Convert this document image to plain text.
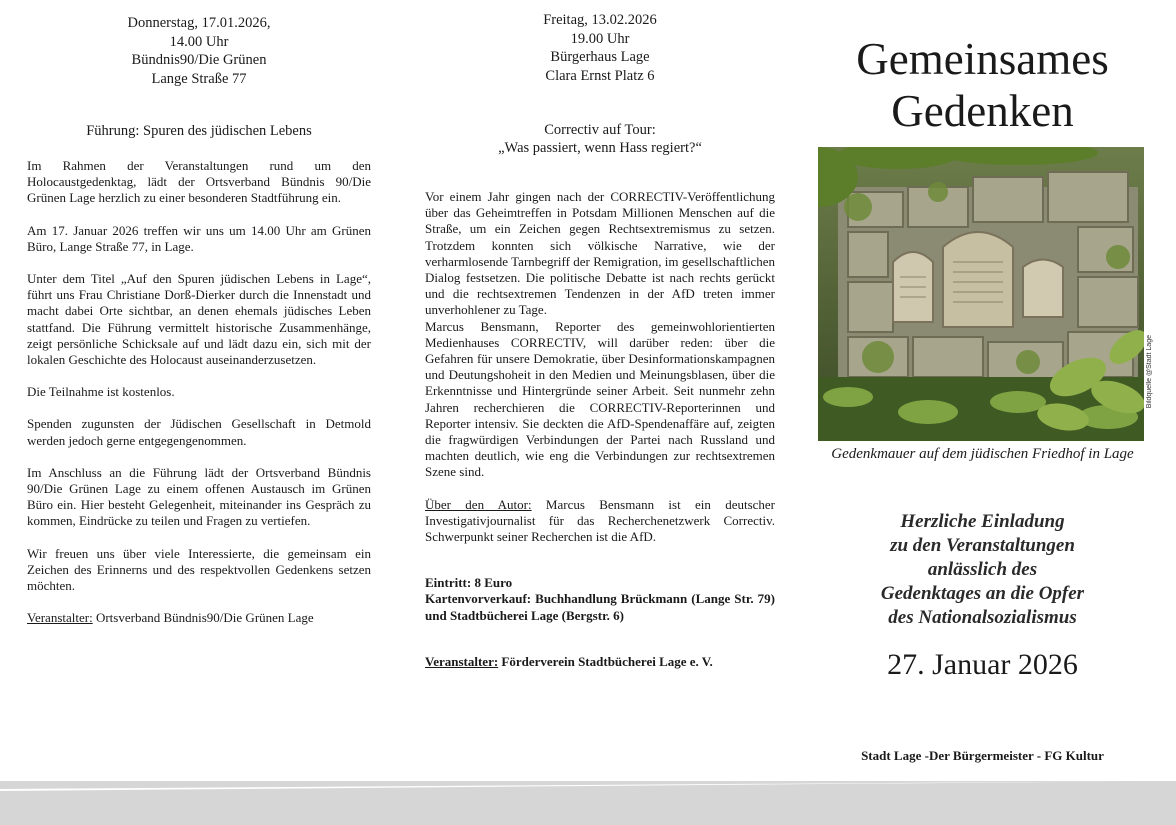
Donnerstag, 17.01.2026,
14.00 Uhr
Bündnis90/Die Grünen
Lange Straße 77
Führung: Spuren des jüdischen Lebens

Im Rahmen der Veranstaltungen rund um den Holocaustgedenktag, lädt der Ortsverband Bündnis 90/Die Grünen Lage herzlich zu einer besonderen Stadtführung ein.

Am 17. Januar 2026 treffen wir uns um 14.00 Uhr am Grünen Büro, Lange Straße 77, in Lage.

Unter dem Titel „Auf den Spuren jüdischen Lebens in Lage“, führt uns Frau Christiane Dorß-Dierker durch die Innenstadt und macht dabei Orte sichtbar, an denen ehemals jüdisches Leben stattfand. Die Führung vermittelt historische Zusammenhänge, zeigt persönliche Schicksale auf und lädt dazu ein, sich mit der lokalen Geschichte des Holocaust auseinanderzusetzen.

Die Teilnahme ist kostenlos.

Spenden zugunsten der Jüdischen Gesellschaft in Detmold werden jedoch gerne entgegengenommen.

Im Anschluss an die Führung lädt der Ortsverband Bündnis 90/Die Grünen Lage zu einem offenen Austausch im Grünen Büro ein. Hier besteht Gelegenheit, miteinander ins Gespräch zu kommen, Eindrücke zu teilen und Fragen zu vertiefen.

Wir freuen uns über viele Interessierte, die gemeinsam ein Zeichen des Erinnerns und des respektvollen Gedenkens setzen möchten.

Veranstalter: Ortsverband Bündnis90/Die Grünen Lage

Freitag, 13.02.2026
19.00 Uhr
Bürgerhaus Lage
Clara Ernst Platz 6
Correctiv auf Tour:
„Was passiert, wenn Hass regiert?“

Vor einem Jahr gingen nach der CORRECTIV-Veröffentlichung über das Geheimtreffen in Potsdam Millionen Menschen auf die Straße, um ein Zeichen gegen Rechtsextremismus zu setzen. Trotzdem konnten sich völkische Narrative, wie der verharmlosende Tarnbegriff der Remigration, im gesellschaftlichen Dialog festsetzen. Die politische Debatte ist nach rechts gerückt und die rechtsextremen Tendenzen in der AfD treten immer unverhohlener zu Tage.

Marcus Bensmann, Reporter des gemeinwohlorientierten Medienhauses CORRECTIV, will darüber reden: über die Gefahren für unsere Demokratie, über Desinformationskampagnen und Deutungshoheit in den Medien und Meinungsblasen, über die Erkenntnisse und Hintergründe seiner Arbeit. Seit nunmehr zehn Jahren recherchieren die CORRECTIV-Reporterinnen und Reporter intensiv. Sie deckten die AfD-Spendenaffäre auf, zeigten die fragwürdigen Verbindungen der Partei nach Russland und machten deutlich, wie eng die Verbindungen zur rechtsextremen Szene sind.

Über den Autor: Marcus Bensmann ist ein deutscher Investigativjournalist für das Recherchenetzwerk Correctiv. Schwerpunkt seiner Recherchen ist die AfD.

Eintritt: 8 Euro

Kartenvorverkauf: Buchhandlung Brückmann (Lange Str. 79) und Stadtbücherei Lage (Bergstr. 6)

Veranstalter: Förderverein Stadtbücherei Lage e. V.

Gemeinsames
Gedenken
Bildquelle @Stadt Lage
Gedenkmauer auf dem jüdischen Friedhof in Lage
Herzliche Einladung
zu den Veranstaltungen
anlässlich des
Gedenktages an die Opfer
des Nationalsozialismus
27. Januar 2026
Stadt Lage -Der Bürgermeister - FG Kultur
